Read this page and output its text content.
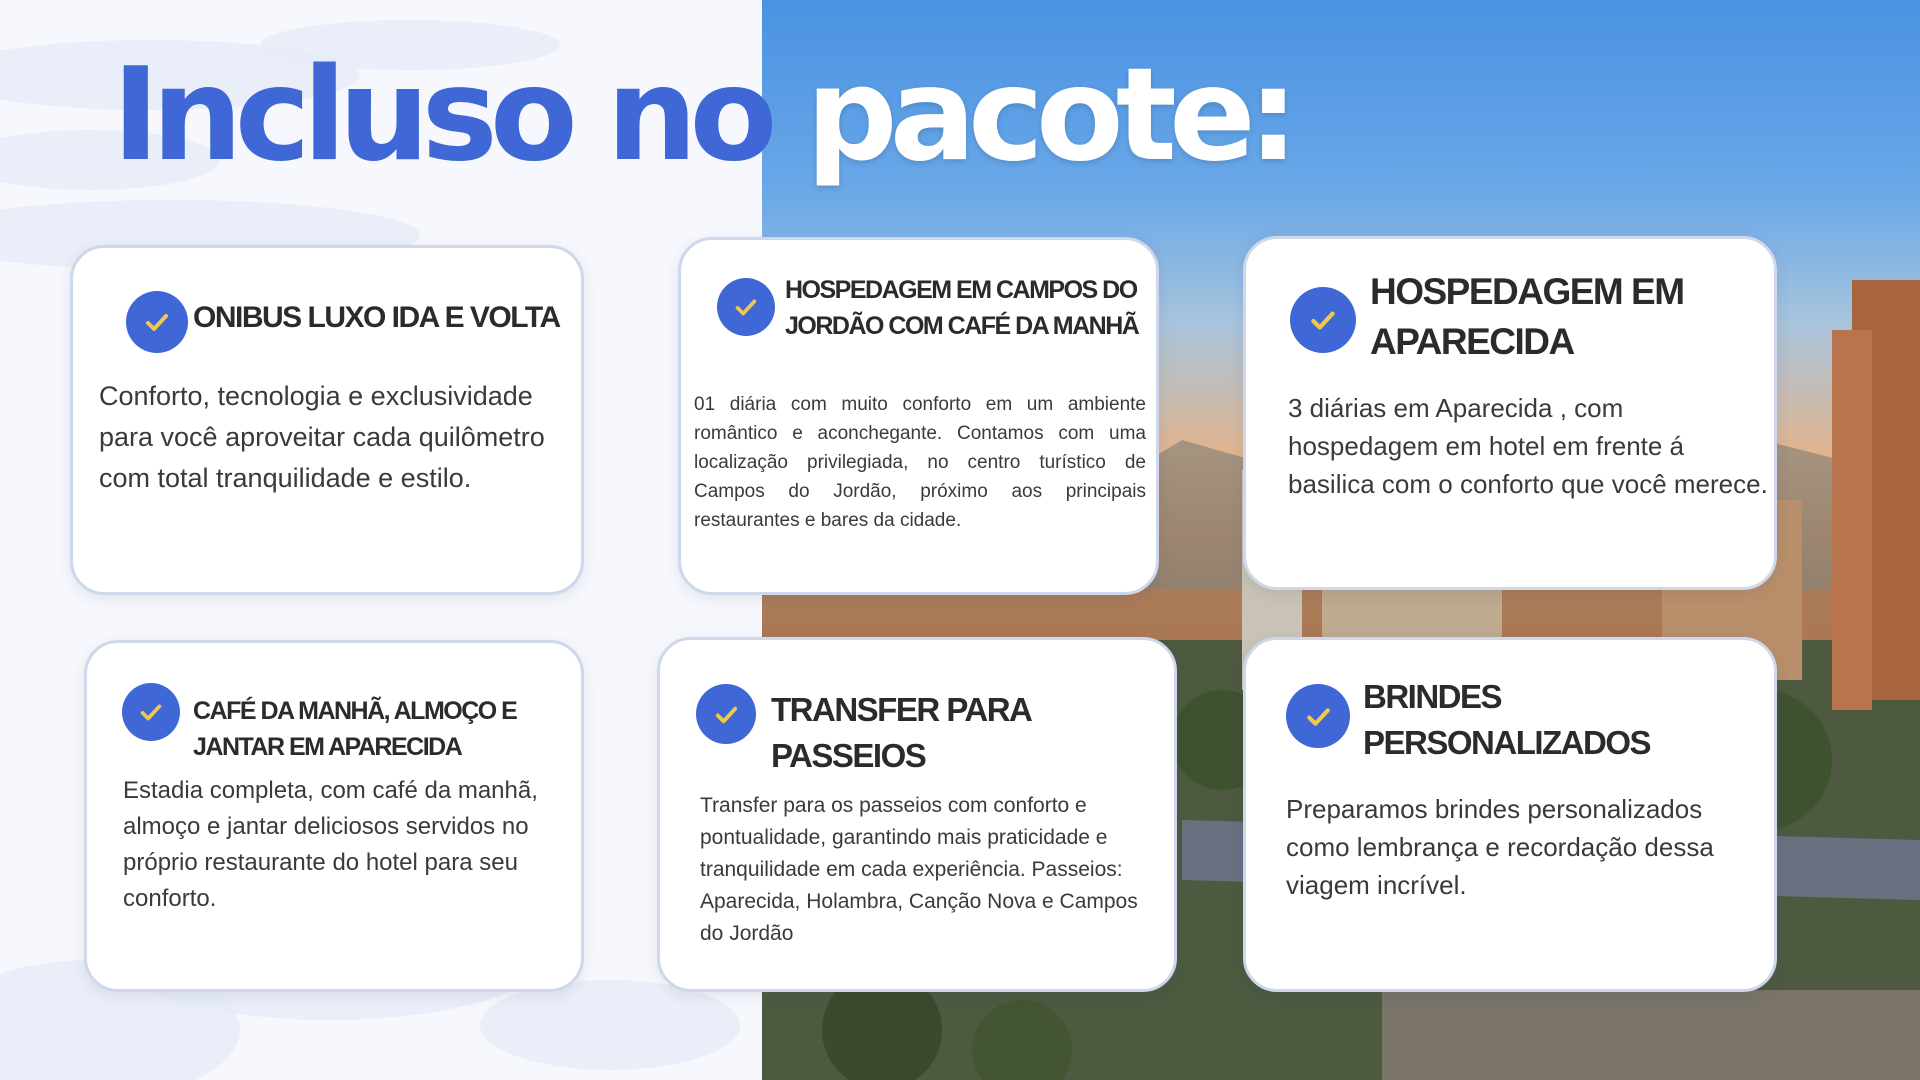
Incluso no pacote:
ONIBUS LUXO IDA E VOLTA

Conforto, tecnologia e exclusividade para você aproveitar cada quilômetro com total tranquilidade e estilo.

HOSPEDAGEM EM CAMPOS DO JORDÃO COM CAFÉ DA MANHÃ

01 diária com muito conforto em um ambiente romântico e aconchegante. Contamos com uma localização privilegiada, no centro turístico de Campos do Jordão, próximo aos principais restaurantes e bares da cidade.

HOSPEDAGEM EM APARECIDA

3 diárias em Aparecida , com hospedagem em hotel em frente á basilica com o conforto que você merece.

CAFÉ DA MANHÃ, ALMOÇO E JANTAR EM APARECIDA

Estadia completa, com café da manhã, almoço e jantar deliciosos servidos no próprio restaurante do hotel para seu conforto.

TRANSFER PARA PASSEIOS

Transfer para os passeios com conforto e pontualidade, garantindo mais praticidade e tranquilidade em cada experiência. Passeios: Aparecida, Holambra, Canção Nova e Campos do Jordão

BRINDES PERSONALIZADOS

Preparamos brindes personalizados como lembrança e recordação dessa viagem incrível.
